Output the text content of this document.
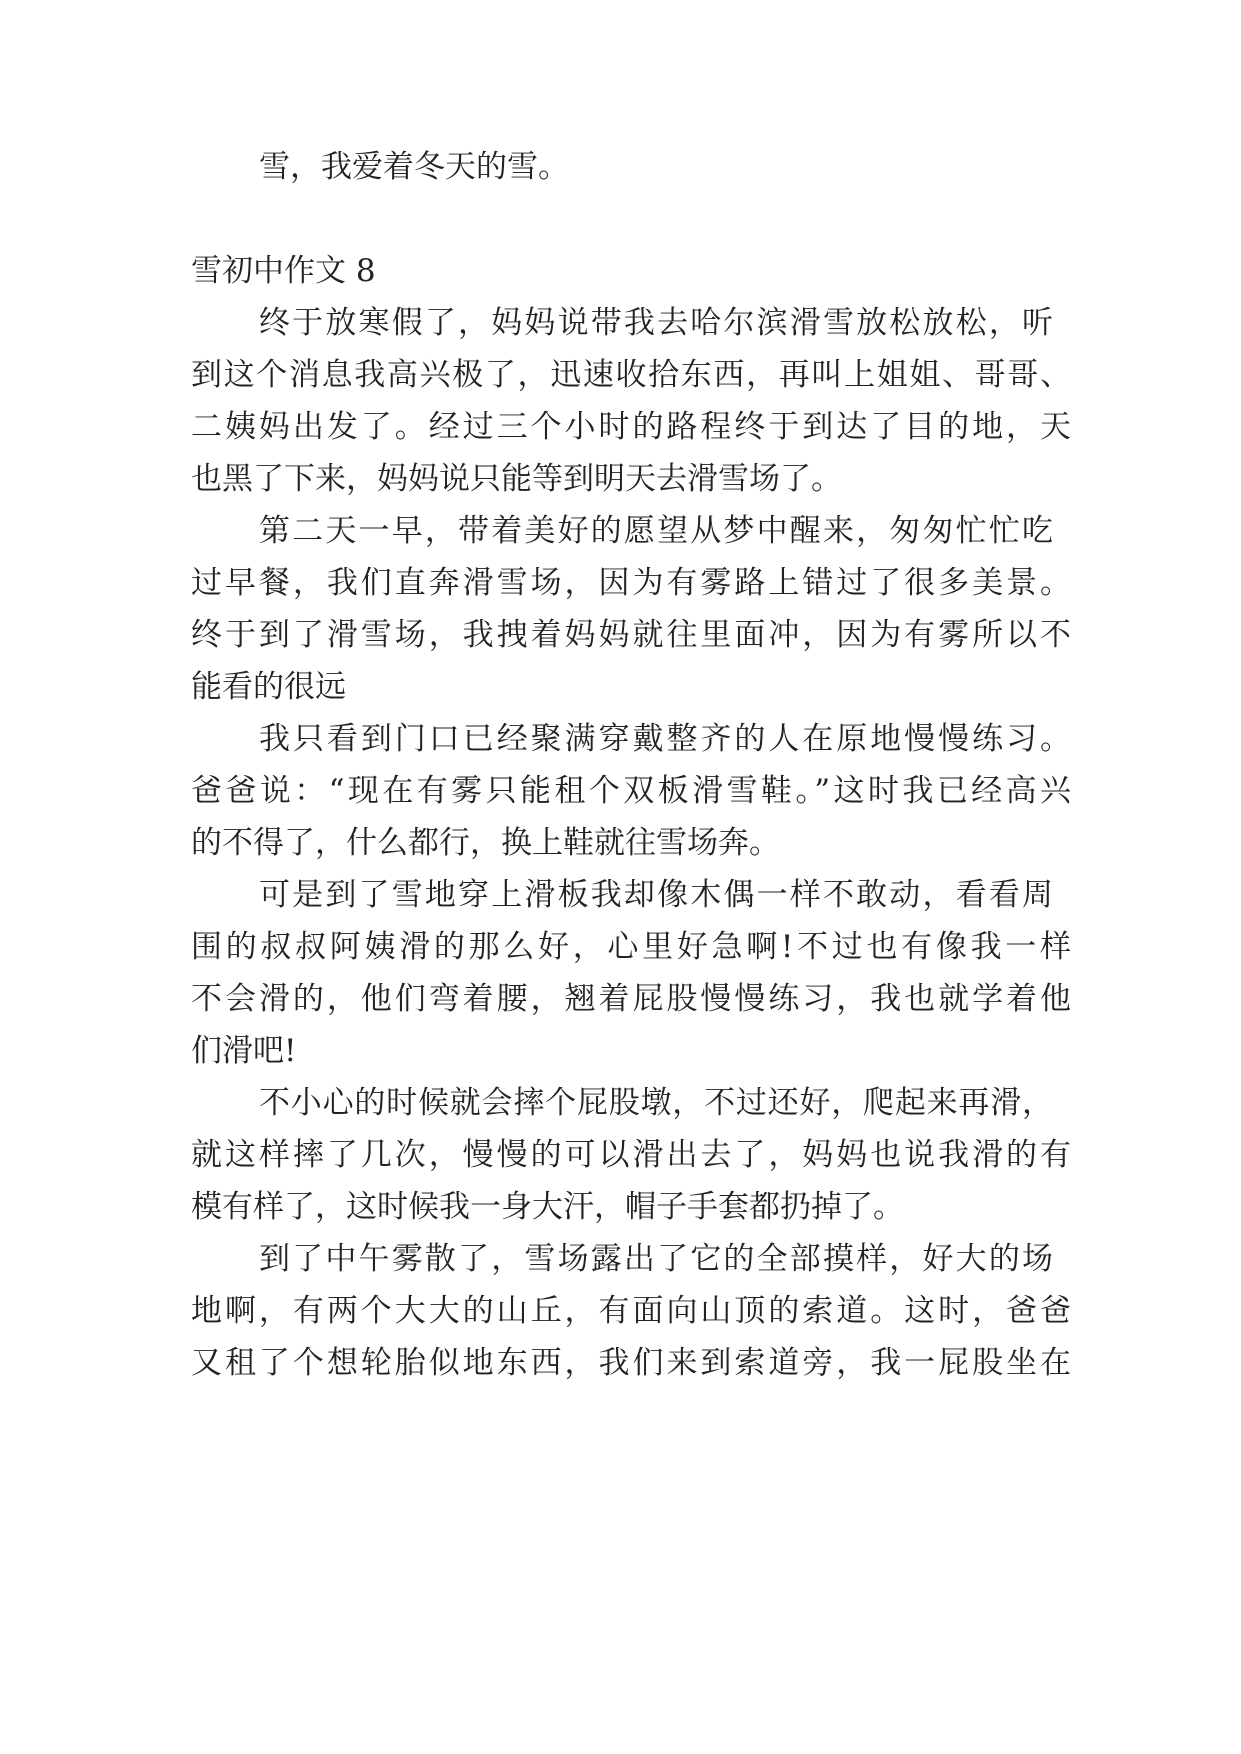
雪，我爱着冬天的雪。
雪初中作文 8
终于放寒假了，妈妈说带我去哈尔滨滑雪放松放松，听
到这个消息我高兴极了，迅速收拾东西，再叫上姐姐、哥哥、
二姨妈出发了。经过三个小时的路程终于到达了目的地，天
也黑了下来，妈妈说只能等到明天去滑雪场了。
第二天一早，带着美好的愿望从梦中醒来，匆匆忙忙吃
过早餐，我们直奔滑雪场，因为有雾路上错过了很多美景。
终于到了滑雪场，我拽着妈妈就往里面冲，因为有雾所以不
能看的很远
我只看到门口已经聚满穿戴整齐的人在原地慢慢练习。
爸爸说：“现在有雾只能租个双板滑雪鞋。”这时我已经高兴
的不得了，什么都行，换上鞋就往雪场奔。
可是到了雪地穿上滑板我却像木偶一样不敢动，看看周
围的叔叔阿姨滑的那么好，心里好急啊!不过也有像我一样
不会滑的，他们弯着腰，翘着屁股慢慢练习，我也就学着他
们滑吧!
不小心的时候就会摔个屁股墩，不过还好，爬起来再滑，
就这样摔了几次，慢慢的可以滑出去了，妈妈也说我滑的有
模有样了，这时候我一身大汗，帽子手套都扔掉了。
到了中午雾散了，雪场露出了它的全部摸样，好大的场
地啊，有两个大大的山丘，有面向山顶的索道。这时，爸爸
又租了个想轮胎似地东西，我们来到索道旁，我一屁股坐在
